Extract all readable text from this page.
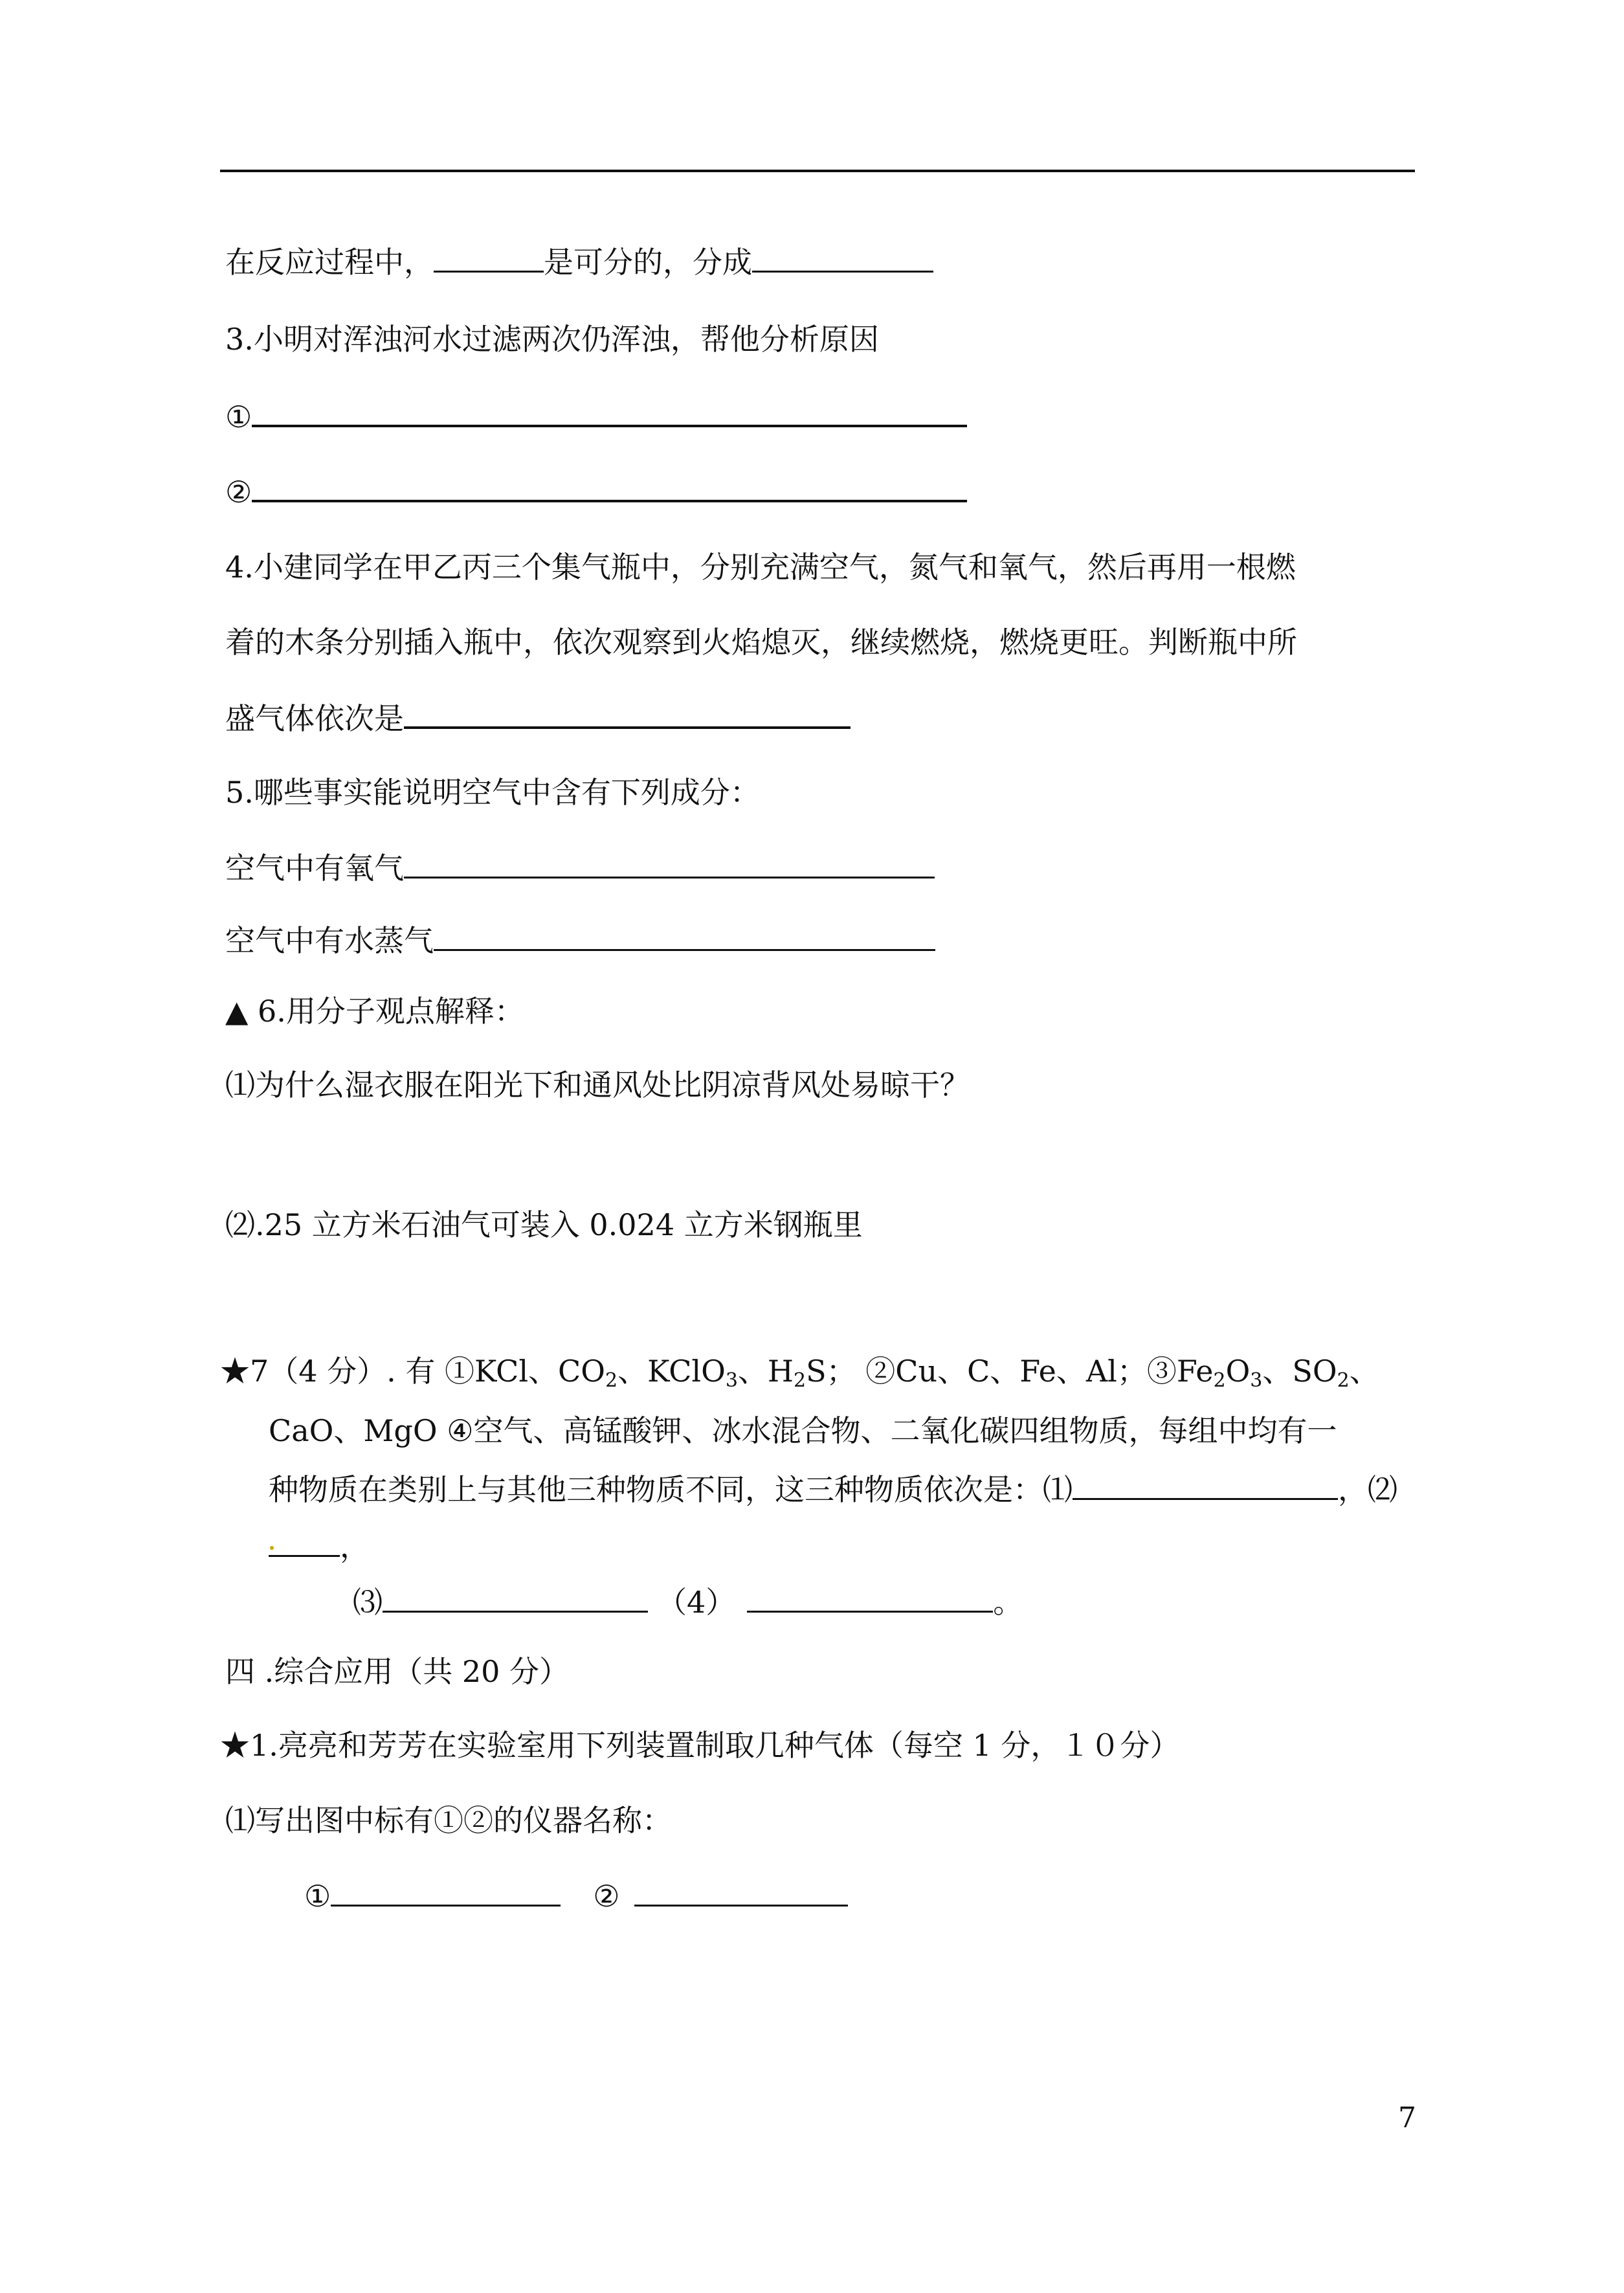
在反应过程中，	是可分的，分成
3.小明对浑浊河水过滤两次仍浑浊，帮他分析原因
①
②
4.小建同学在甲乙丙三个集气瓶中，分别充满空气，氮气和氧气，然后再用一根燃
着的木条分别插入瓶中，依次观察到火焰熄灭，继续燃烧，燃烧更旺。判断瓶中所
盛气体依次是
5.哪些事实能说明空气中含有下列成分：
空气中有氧气
空气中有水蒸气
▲ 6.用分子观点解释：
⑴为什么湿衣服在阳光下和通风处比阴凉背风处易晾干？
⑵.25 立方米石油气可装入 0.024 立方米钢瓶里
★7（4 分）. 有 ①KCl、$CO_2$、KClO$_3$、$H_2S$； ②Cu、C、Fe、Al；$③Fe_2O_3$、$SO_2$、
CaO、MgO ④空气、高锰酸钾、冰水混合物、二氧化碳四组物质，每组中均有一
种物质在类别上与其他三种物质不同，这三种物质依次是：⑴	，⑵
，
⑶	（4）	。
四 .综合应用（共 20 分）
★1.亮亮和芳芳在实验室用下列装置制取几种气体（每空 1 分，１０分）
⑴写出图中标有①②的仪器名称：
①	②
7
